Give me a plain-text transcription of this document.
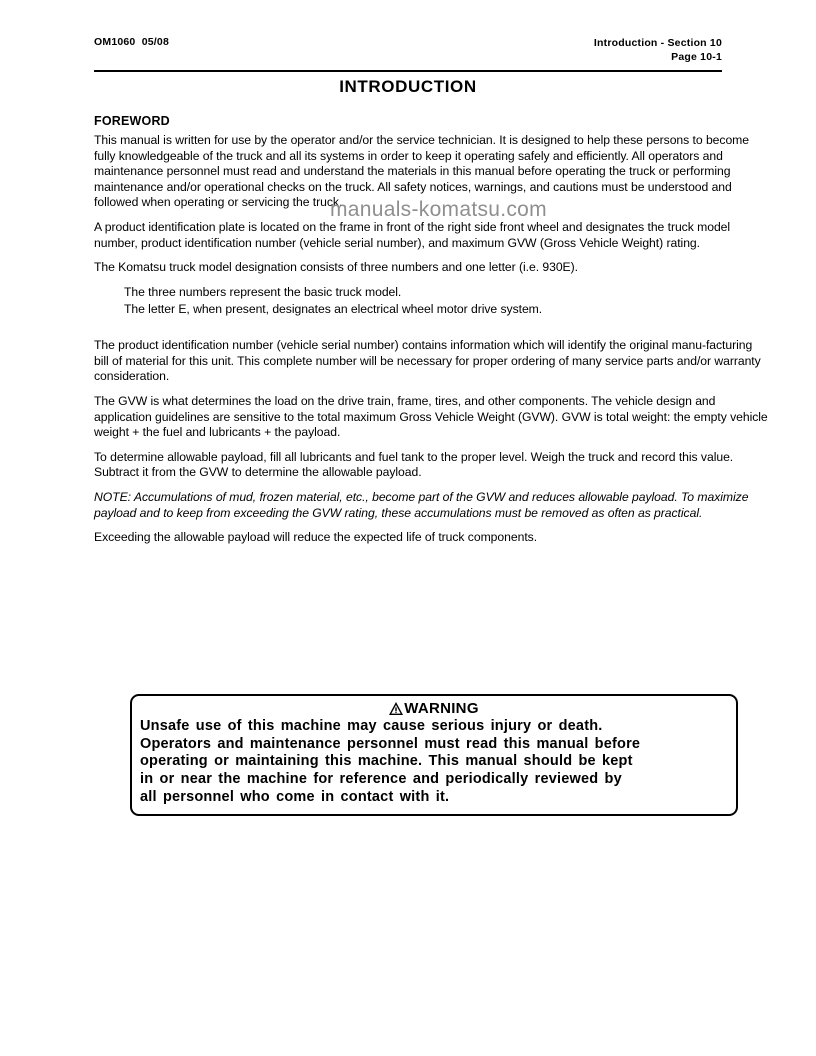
OM1060  05/08	Introduction - Section 10
Page 10-1
INTRODUCTION
FOREWORD

This manual is written for use by the operator and/or the service technician. It is designed to help these persons to become fully knowledgeable of the truck and all its systems in order to keep it operating safely and efficiently. All operators and maintenance personnel must read and understand the materials in this manual before operating the truck or performing maintenance and/or operational checks on the truck. All safety notices, warnings, and cautions must be understood and followed when operating or servicing the truck.

A product identification plate is located on the frame in front of the right side front wheel and designates the truck model number, product identification number (vehicle serial number), and maximum GVW (Gross Vehicle Weight) rating.

The Komatsu truck model designation consists of three numbers and one letter (i.e. 930E).

The three numbers represent the basic truck model.

The letter E, when present, designates an electrical wheel motor drive system.

The product identification number (vehicle serial number) contains information which will identify the original manu-facturing bill of material for this unit. This complete number will be necessary for proper ordering of many service parts and/or warranty consideration.

The GVW is what determines the load on the drive train, frame, tires, and other components. The vehicle design and application guidelines are sensitive to the total maximum Gross Vehicle Weight (GVW). GVW is total weight: the empty vehicle weight + the fuel and lubricants + the payload.

To determine allowable payload, fill all lubricants and fuel tank to the proper level. Weigh the truck and record this value. Subtract it from the GVW to determine the allowable payload.

NOTE: Accumulations of mud, frozen material, etc., become part of the GVW and reduces allowable payload. To maximize payload and to keep from exceeding the GVW rating, these accumulations must be removed as often as practical.

Exceeding the allowable payload will reduce the expected life of truck components.

manuals-komatsu.com
WARNING
Unsafe use of this machine may cause serious injury or death.
Operators and maintenance personnel must read this manual before
operating or maintaining this machine. This manual should be kept
in or near the machine for reference and periodically reviewed by
all personnel who come in contact with it.
